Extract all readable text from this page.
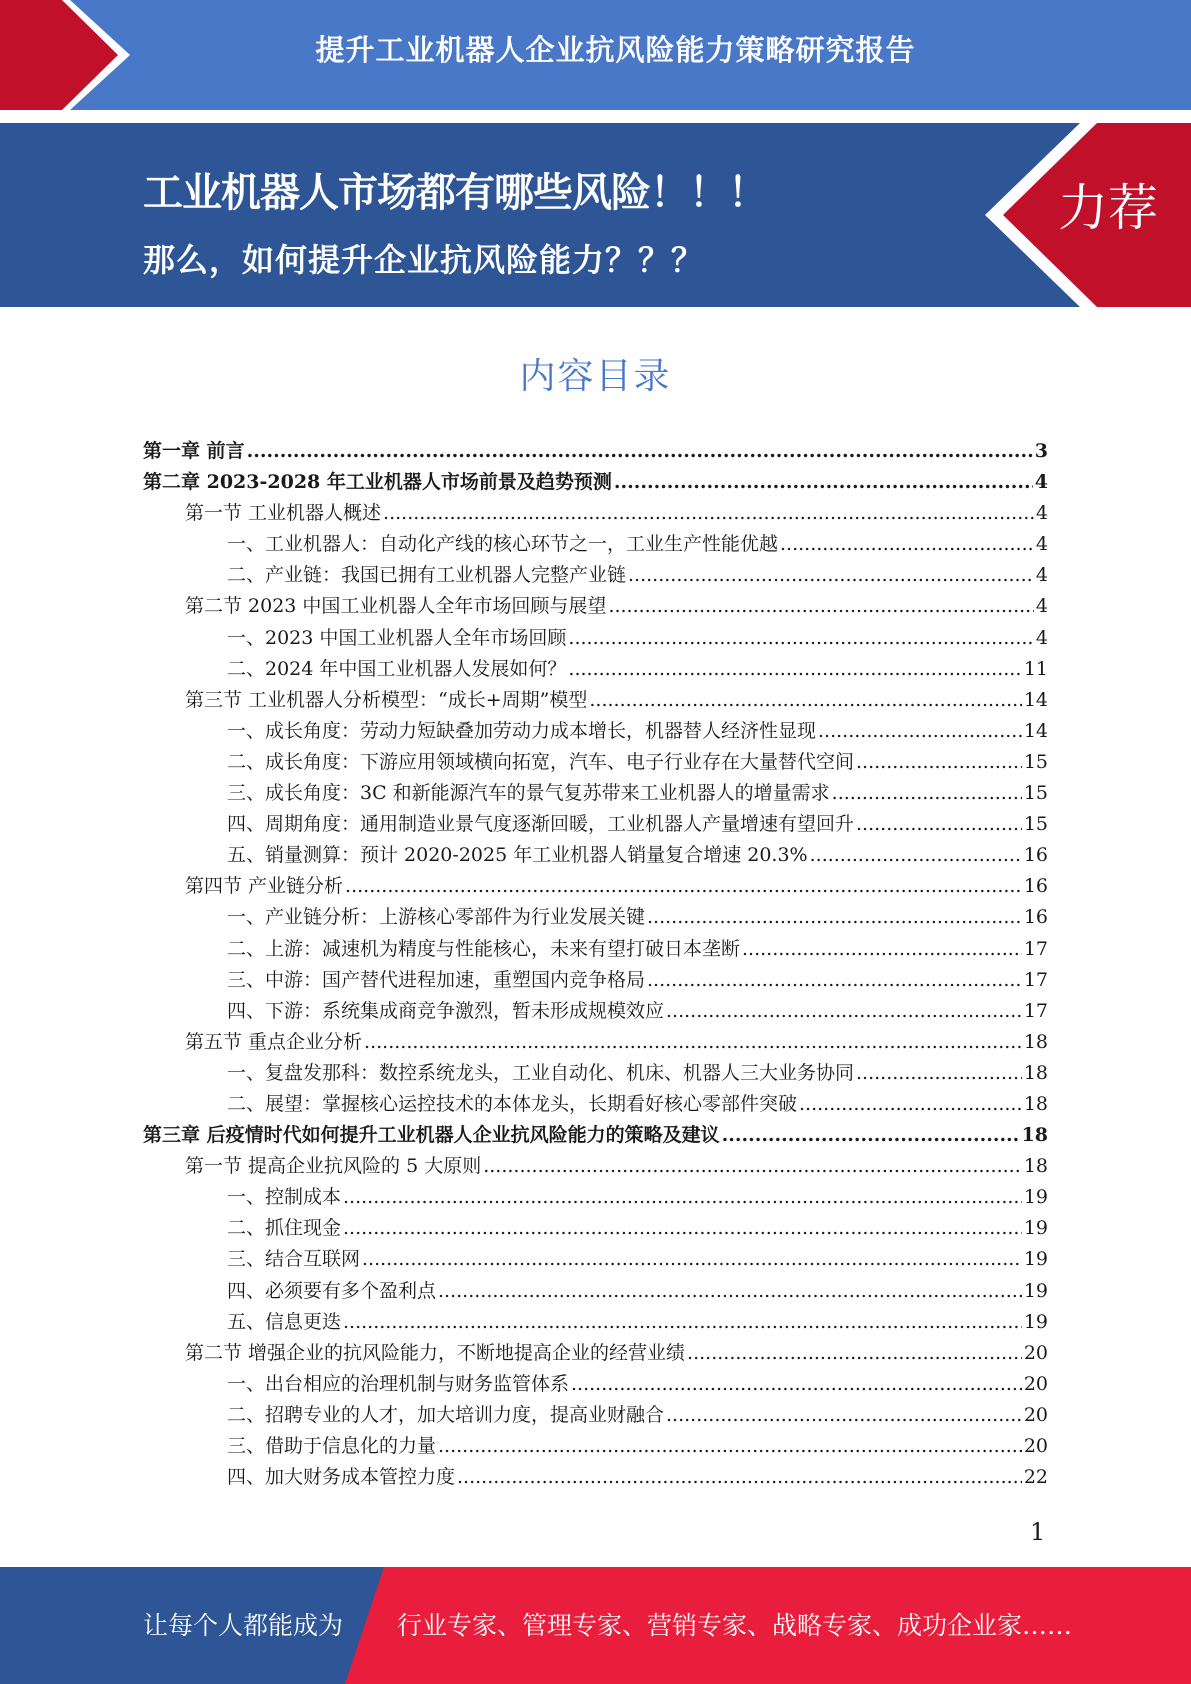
提升工业机器人企业抗风险能力策略研究报告
工业机器人市场都有哪些风险！！！
那么，如何提升企业抗风险能力？？？
力荐
内容目录
第一章 前言 .....	3
第二章 2023-2028 年工业机器人市场前景及趋势预测 .....	4
第一节 工业机器人概述 .....	4
一、工业机器人：自动化产线的核心环节之一，工业生产性能优越 .....	4
二、产业链：我国已拥有工业机器人完整产业链 .....	4
第二节 2023 中国工业机器人全年市场回顾与展望 .....	4
一、2023 中国工业机器人全年市场回顾 .....	4
二、2024 年中国工业机器人发展如何？ .....	11
第三节 工业机器人分析模型：“成长+周期”模型 .....	14
一、成长角度：劳动力短缺叠加劳动力成本增长，机器替人经济性显现 .....	14
二、成长角度：下游应用领域横向拓宽，汽车、电子行业存在大量替代空间 .....	15
三、成长角度：3C 和新能源汽车的景气复苏带来工业机器人的增量需求 .....	15
四、周期角度：通用制造业景气度逐渐回暖，工业机器人产量增速有望回升 .....	15
五、销量测算：预计 2020-2025 年工业机器人销量复合增速 20.3% .....	16
第四节 产业链分析 .....	16
一、产业链分析：上游核心零部件为行业发展关键 .....	16
二、上游：减速机为精度与性能核心，未来有望打破日本垄断 .....	17
三、中游：国产替代进程加速，重塑国内竞争格局 .....	17
四、下游：系统集成商竞争激烈，暂未形成规模效应 .....	17
第五节 重点企业分析 .....	18
一、复盘发那科：数控系统龙头，工业自动化、机床、机器人三大业务协同 .....	18
二、展望：掌握核心运控技术的本体龙头，长期看好核心零部件突破 .....	18
第三章 后疫情时代如何提升工业机器人企业抗风险能力的策略及建议 .....	18
第一节 提高企业抗风险的 5 大原则 .....	18
一、控制成本 .....	19
二、抓住现金 .....	19
三、结合互联网 .....	19
四、必须要有多个盈利点 .....	19
五、信息更迭 .....	19
第二节 增强企业的抗风险能力，不断地提高企业的经营业绩 .....	20
一、出台相应的治理机制与财务监管体系 .....	20
二、招聘专业的人才，加大培训力度，提高业财融合 .....	20
三、借助于信息化的力量 .....	20
四、加大财务成本管控力度 .....	22
1
让每个人都能成为 行业专家、管理专家、营销专家、战略专家、成功企业家……
